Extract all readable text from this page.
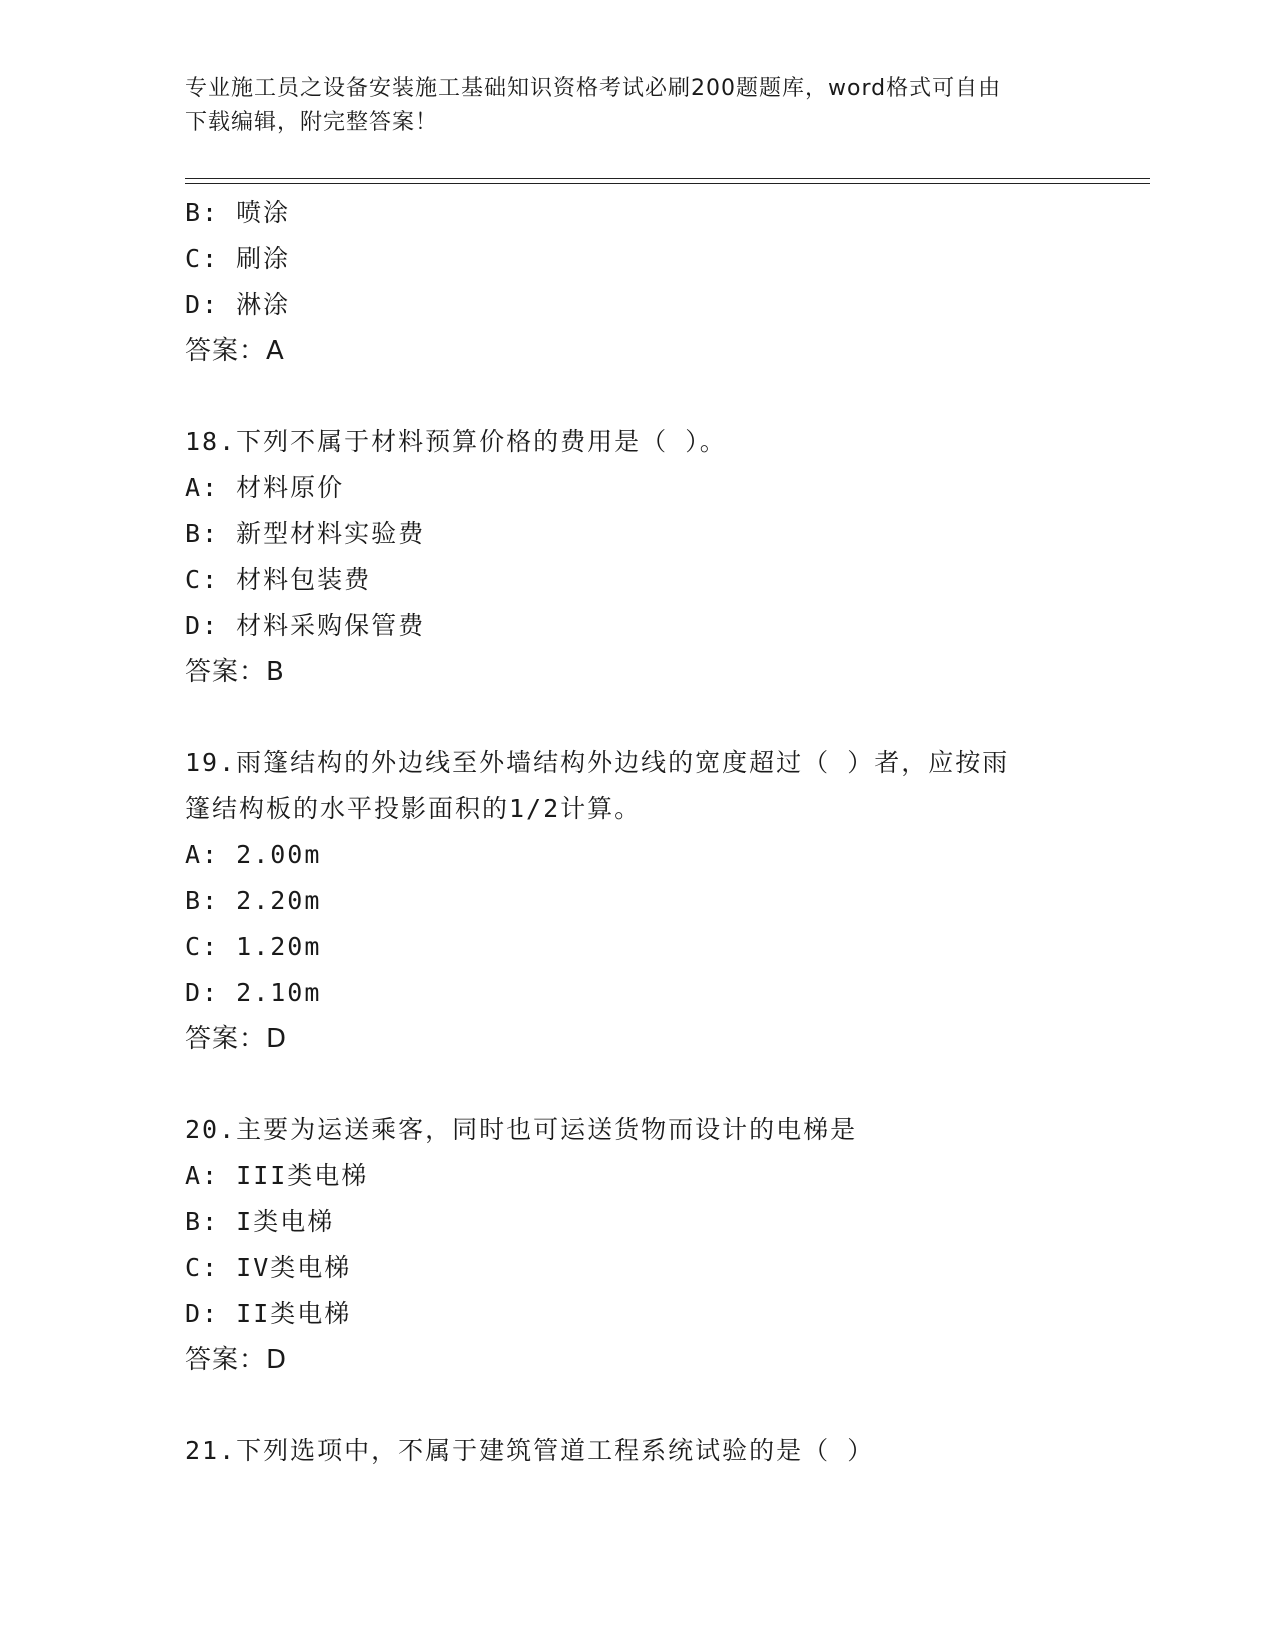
专业施工员之设备安装施工基础知识资格考试必刷200题题库，word格式可自由
下载编辑，附完整答案！
B: 喷涂
C: 刷涂
D: 淋涂
答案：A
18.下列不属于材料预算价格的费用是（ ）。
A: 材料原价
B: 新型材料实验费
C: 材料包装费
D: 材料采购保管费
答案：B
19.雨篷结构的外边线至外墙结构外边线的宽度超过（ ）者，应按雨
篷结构板的水平投影面积的1/2计算。
A: 2.00m
B: 2.20m
C: 1.20m
D: 2.10m
答案：D
20.主要为运送乘客，同时也可运送货物而设计的电梯是
A: III类电梯
B: I类电梯
C: IV类电梯
D: II类电梯
答案：D
21.下列选项中，不属于建筑管道工程系统试验的是（ ）
